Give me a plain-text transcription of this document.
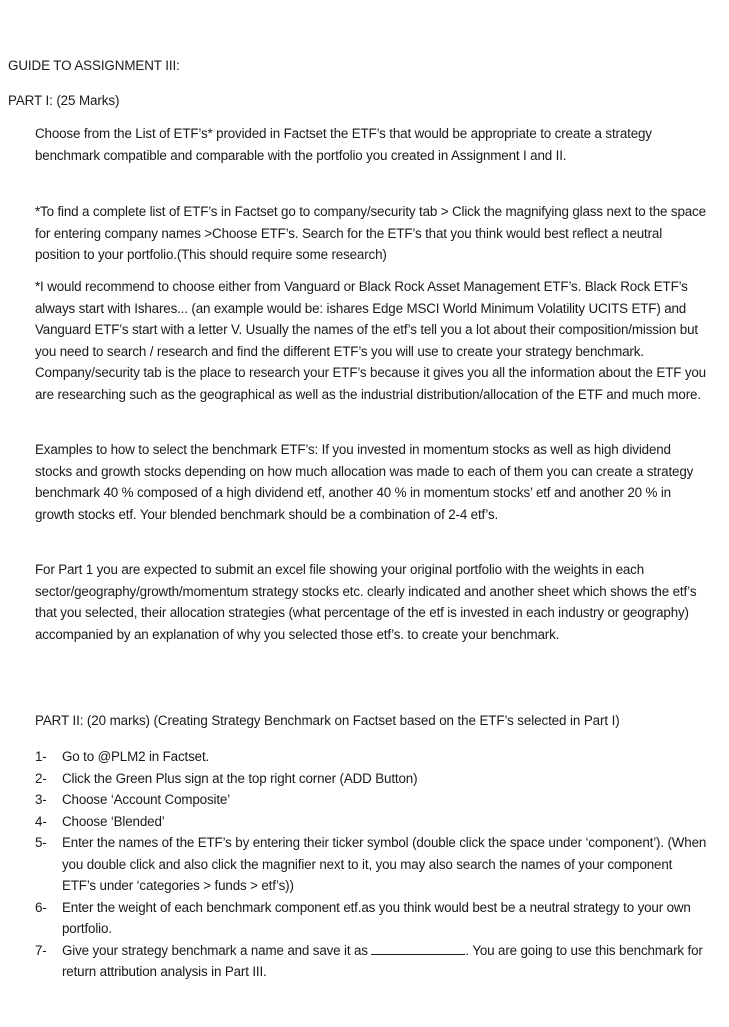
GUIDE TO ASSIGNMENT III:
PART I: (25 Marks)

Choose from the List of ETF’s* provided in Factset the ETF’s that would be appropriate to create a strategy benchmark compatible and comparable with the portfolio you created in Assignment I and II.

*To find a complete list of ETF’s in Factset go to company/security tab > Click the magnifying glass next to the space for entering company names >Choose ETF’s. Search for the ETF’s that you think would best reflect a neutral position to your portfolio.(This should require some research)

*I would recommend to choose either from Vanguard or Black Rock Asset Management ETF’s. Black Rock ETF’s always start with Ishares... (an example would be: ishares Edge MSCI World Minimum Volatility UCITS ETF) and Vanguard ETF’s start with a letter V. Usually the names of the etf’s tell you a lot about their composition/mission but you need to search / research and find the different ETF’s you will use to create your strategy benchmark. Company/security tab is the place to research your ETF’s because it gives you all the information about the ETF you are researching such as the geographical as well as the industrial distribution/allocation of the ETF and much more.

Examples to how to select the benchmark ETF’s: If you invested in momentum stocks as well as high dividend stocks and growth stocks depending on how much allocation was made to each of them you can create a strategy benchmark 40 % composed of a high dividend etf, another 40 % in momentum stocks’ etf and another 20 % in growth stocks etf. Your blended benchmark should be a combination of 2-4 etf’s.

For Part 1 you are expected to submit an excel file showing your original portfolio with the weights in each sector/geography/growth/momentum strategy stocks etc. clearly indicated and another sheet which shows the etf’s that you selected, their allocation strategies (what percentage of the etf is invested in each industry or geography) accompanied by an explanation of why you selected those etf’s. to create your benchmark.

PART II: (20 marks) (Creating Strategy Benchmark on Factset based on the ETF’s selected in Part I)
1-	Go to @PLM2 in Factset.
2-	Click the Green Plus sign at the top right corner (ADD Button)
3-	Choose ‘Account Composite’
4-	Choose ‘Blended’
5-	Enter the names of the ETF’s by entering their ticker symbol (double click the space under ‘component’). (When you double click and also click the magnifier next to it, you may also search the names of your component ETF’s under ‘categories > funds > etf’s))
6-	Enter the weight of each benchmark component etf.as you think would best be a neutral strategy to your own portfolio.
7-	Give your strategy benchmark a name and save it as	. You are going to use this benchmark for return attribution analysis in Part III.
